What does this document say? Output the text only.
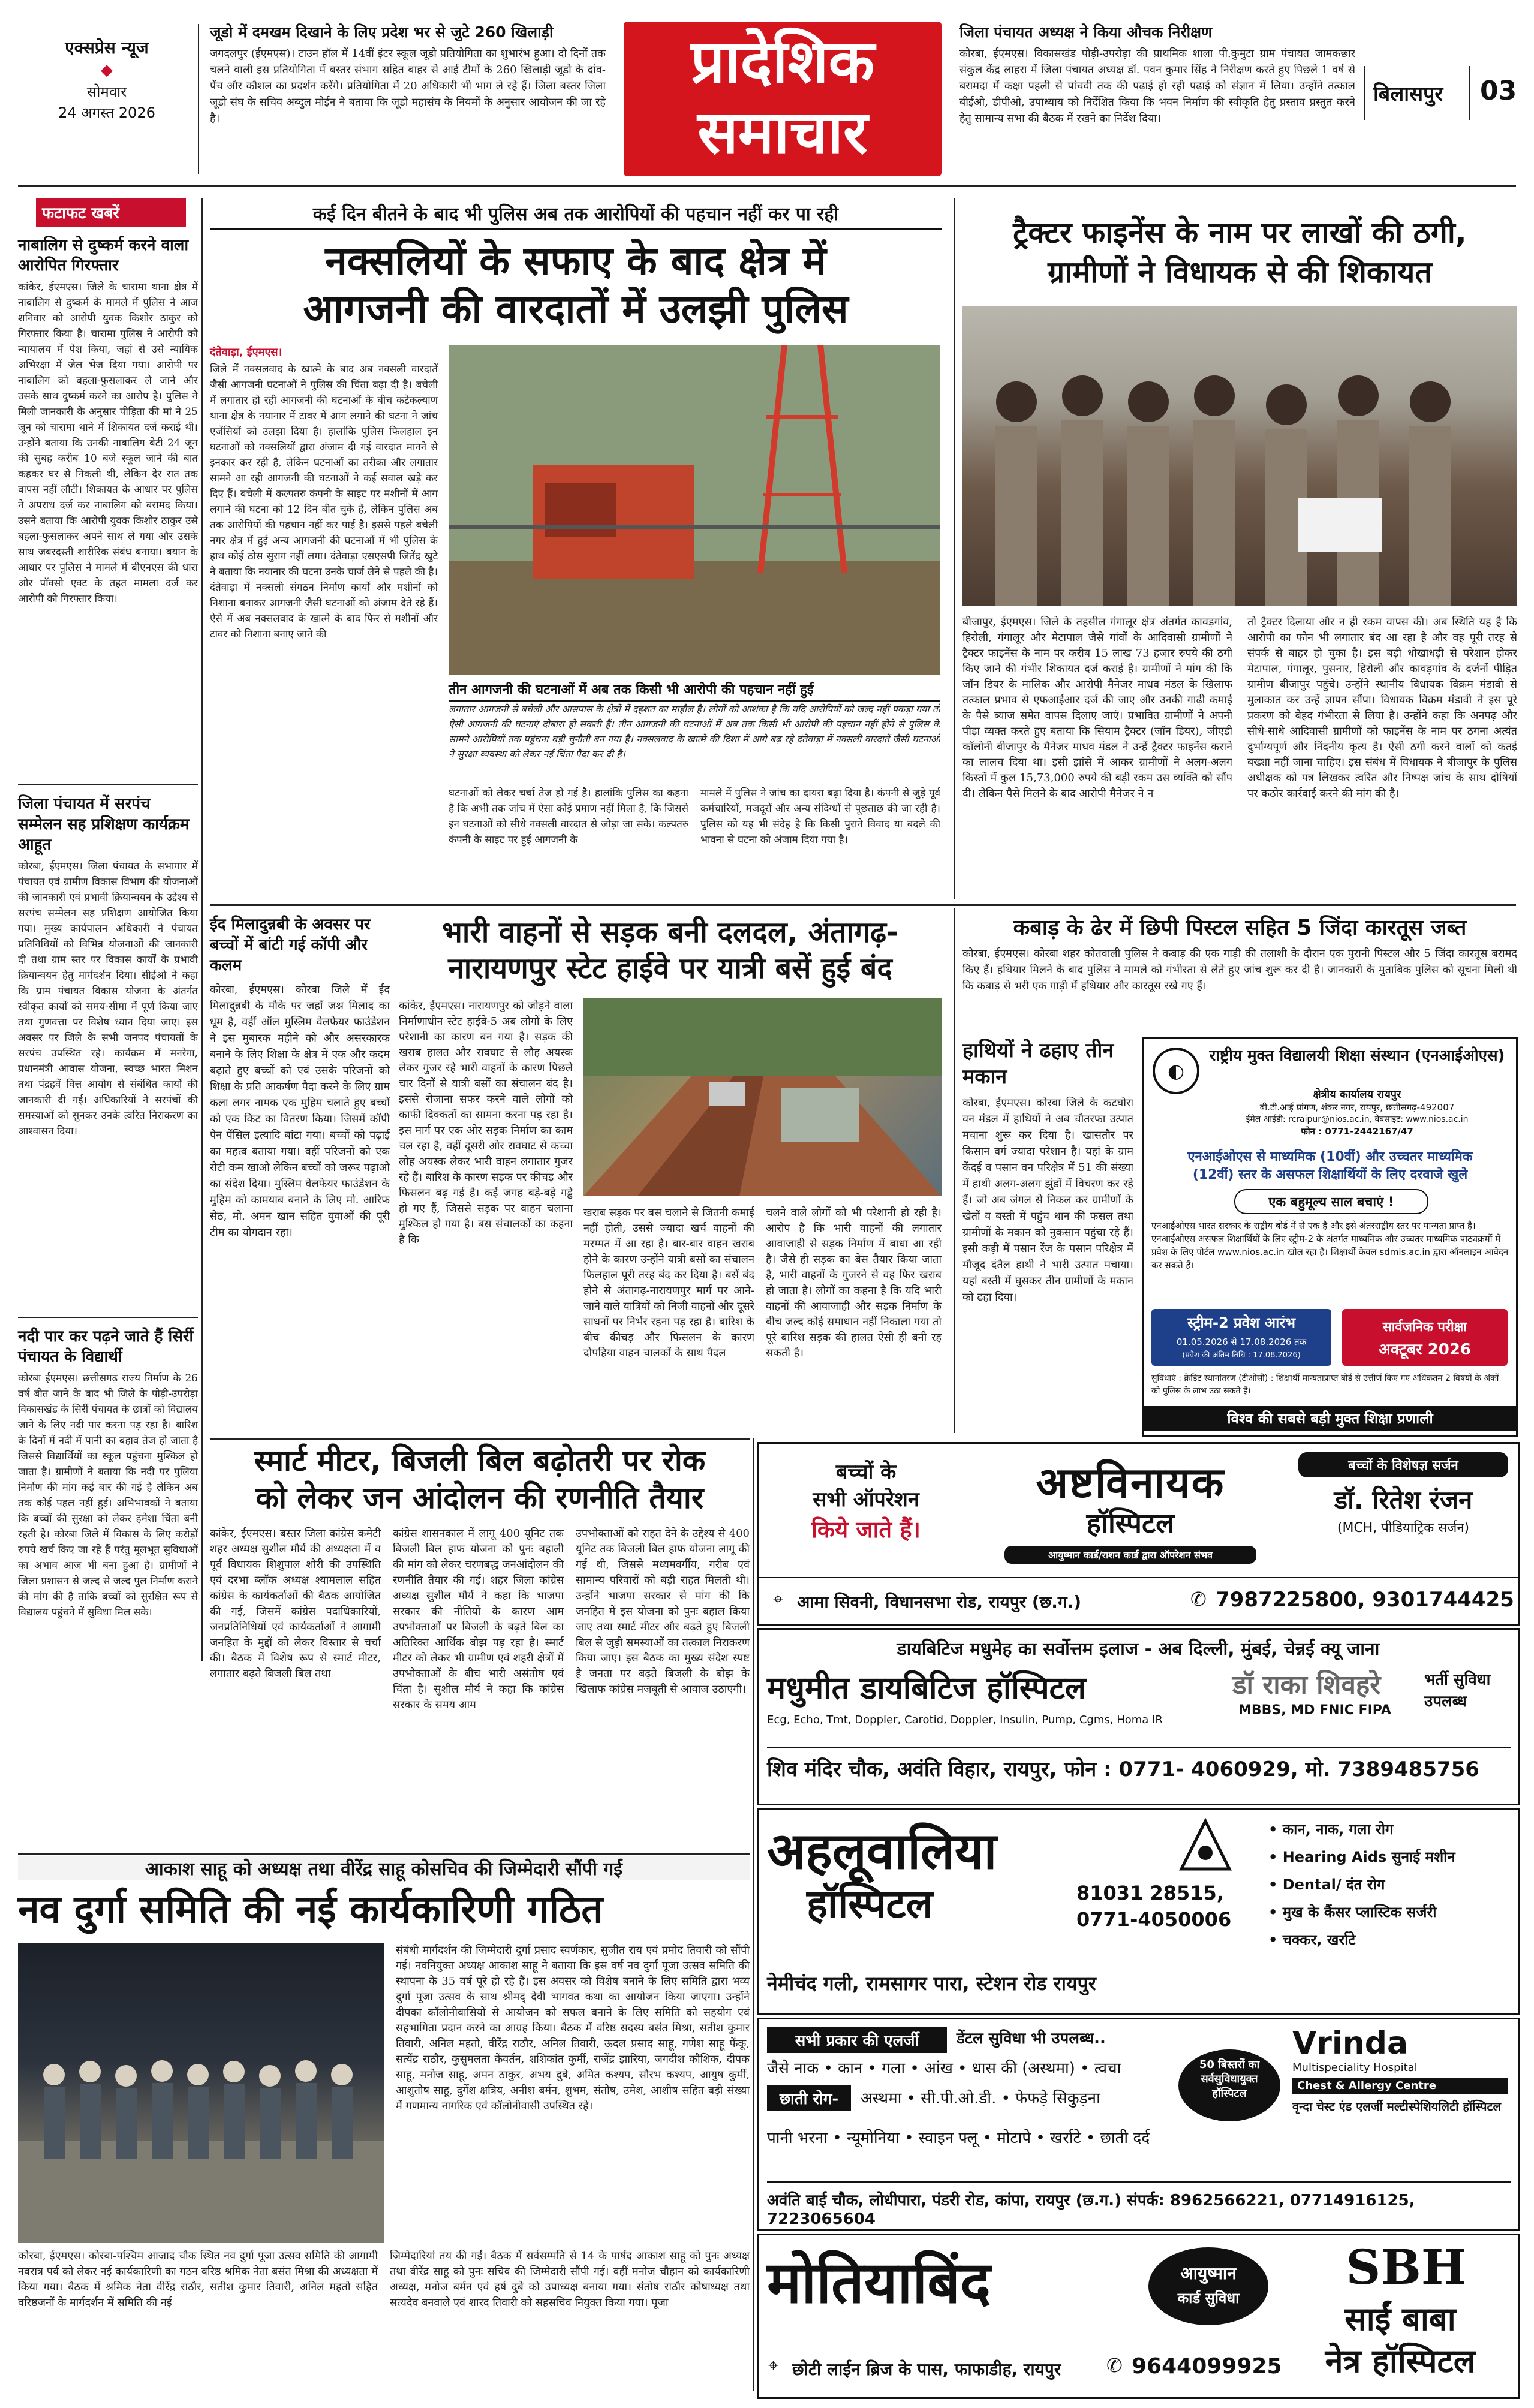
एक्सप्रेस न्यूज
◆
सोमवार
24 अगस्त 2026
जूडो में दमखम दिखाने के लिए प्रदेश भर से जुटे 260 खिलाड़ी
जगदलपुर (ईएमएस)। टाउन हॉल में 14वीं इंटर स्कूल जूडो प्रतियोगिता का शुभारंभ हुआ। दो दिनों तक चलने वाली इस प्रतियोगिता में बस्तर संभाग सहित बाहर से आई टीमों के 260 खिलाड़ी जूडो के दांव-पेंच और कौशल का प्रदर्शन करेंगे। प्रतियोगिता में 20 अधिकारी भी भाग ले रहे हैं। जिला बस्तर जिला जूडो संघ के सचिव अब्दुल मोईन ने बताया कि जूडो महासंघ के नियमों के अनुसार आयोजन की जा रहे है।
प्रादेशिक
समाचार
जिला पंचायत अध्यक्ष ने किया औचक निरीक्षण
कोरबा, ईएमएस। विकासखंड पोड़ी-उपरोड़ा की प्राथमिक शाला पी.कुमुटा ग्राम पंचायत जामकछार संकुल केंद्र लाहरा में जिला पंचायत अध्यक्ष डॉ. पवन कुमार सिंह ने निरीक्षण करते हुए पिछले 1 वर्ष से बरामदा में कक्षा पहली से पांचवी तक की पढ़ाई हो रही पढ़ाई को संज्ञान में लिया। उन्होंने तत्काल बीईओ, डीपीओ, उपाध्याय को निर्देशित किया कि भवन निर्माण की स्वीकृति हेतु प्रस्ताव प्रस्तुत करने हेतु सामान्य सभा की बैठक में रखने का निर्देश दिया।
बिलासपुर 03
फटाफट खबरें
नाबालिग से दुष्कर्म करने वाला आरोपित गिरफ्तार
कांकेर, ईएमएस। जिले के चारामा थाना क्षेत्र में नाबालिग से दुष्कर्म के मामले में पुलिस ने आज शनिवार को आरोपी युवक किशोर ठाकुर को गिरफ्तार किया है। चारामा पुलिस ने आरोपी को न्यायालय में पेश किया, जहां से उसे न्यायिक अभिरक्षा में जेल भेज दिया गया। आरोपी पर नाबालिग को बहला-फुसलाकर ले जाने और उसके साथ दुष्कर्म करने का आरोप है। पुलिस ने मिली जानकारी के अनुसार पीड़िता की मां ने 25 जून को चारामा थाने में शिकायत दर्ज कराई थी। उन्होंने बताया कि उनकी नाबालिग बेटी 24 जून की सुबह करीब 10 बजे स्कूल जाने की बात कहकर घर से निकली थी, लेकिन देर रात तक वापस नहीं लौटी। शिकायत के आधार पर पुलिस ने अपराध दर्ज कर नाबालिग को बरामद किया। उसने बताया कि आरोपी युवक किशोर ठाकुर उसे बहला-फुसलाकर अपने साथ ले गया और उसके साथ जबरदस्ती शारीरिक संबंध बनाया। बयान के आधार पर पुलिस ने मामले में बीएनएस की धारा और पॉक्सो एक्ट के तहत मामला दर्ज कर आरोपी को गिरफ्तार किया।
जिला पंचायत में सरपंच सम्मेलन सह प्रशिक्षण कार्यक्रम आहूत
कोरबा, ईएमएस। जिला पंचायत के सभागार में पंचायत एवं ग्रामीण विकास विभाग की योजनाओं की जानकारी एवं प्रभावी क्रियान्वयन के उद्देश्य से सरपंच सम्मेलन सह प्रशिक्षण आयोजित किया गया। मुख्य कार्यपालन अधिकारी ने पंचायत प्रतिनिधियों को विभिन्न योजनाओं की जानकारी दी तथा ग्राम स्तर पर विकास कार्यों के प्रभावी क्रियान्वयन हेतु मार्गदर्शन दिया। सीईओ ने कहा कि ग्राम पंचायत विकास योजना के अंतर्गत स्वीकृत कार्यों को समय-सीमा में पूर्ण किया जाए तथा गुणवत्ता पर विशेष ध्यान दिया जाए। इस अवसर पर जिले के सभी जनपद पंचायतों के सरपंच उपस्थित रहे। कार्यक्रम में मनरेगा, प्रधानमंत्री आवास योजना, स्वच्छ भारत मिशन तथा पंद्रहवें वित्त आयोग से संबंधित कार्यों की जानकारी दी गई। अधिकारियों ने सरपंचों की समस्याओं को सुनकर उनके त्वरित निराकरण का आश्वासन दिया।
नदी पार कर पढ़ने जाते हैं सिर्री पंचायत के विद्यार्थी
कोरबा ईएमएस। छत्तीसगढ़ राज्य निर्माण के 26 वर्ष बीत जाने के बाद भी जिले के पोड़ी-उपरोड़ा विकासखंड के सिर्री पंचायत के छात्रों को विद्यालय जाने के लिए नदी पार करना पड़ रहा है। बारिश के दिनों में नदी में पानी का बहाव तेज हो जाता है जिससे विद्यार्थियों का स्कूल पहुंचना मुश्किल हो जाता है। ग्रामीणों ने बताया कि नदी पर पुलिया निर्माण की मांग कई बार की गई है लेकिन अब तक कोई पहल नहीं हुई। अभिभावकों ने बताया कि बच्चों की सुरक्षा को लेकर हमेशा चिंता बनी रहती है। कोरबा जिले में विकास के लिए करोड़ों रुपये खर्च किए जा रहे हैं परंतु मूलभूत सुविधाओं का अभाव आज भी बना हुआ है। ग्रामीणों ने जिला प्रशासन से जल्द से जल्द पुल निर्माण कराने की मांग की है ताकि बच्चों को सुरक्षित रूप से विद्यालय पहुंचने में सुविधा मिल सके।
कई दिन बीतने के बाद भी पुलिस अब तक आरोपियों की पहचान नहीं कर पा रही
नक्सलियों के सफाए के बाद क्षेत्र में
आगजनी की वारदातों में उलझी पुलिस
दंतेवाड़ा, ईएमएस।
जिले में नक्सलवाद के खात्मे के बाद अब नक्सली वारदातें जैसी आगजनी घटनाओं ने पुलिस की चिंता बढ़ा दी है। बचेली में लगातार हो रही आगजनी की घटनाओं के बीच कटेकल्याण थाना क्षेत्र के नयानार में टावर में आग लगाने की घटना ने जांच एजेंसियों को उलझा दिया है। हालांकि पुलिस फिलहाल इन घटनाओं को नक्सलियों द्वारा अंजाम दी गई वारदात मानने से इनकार कर रही है, लेकिन घटनाओं का तरीका और लगातार सामने आ रही आगजनी की घटनाओं ने कई सवाल खड़े कर दिए हैं। बचेली में कल्पतरु कंपनी के साइट पर मशीनों में आग लगाने की घटना को 12 दिन बीत चुके हैं, लेकिन पुलिस अब तक आरोपियों की पहचान नहीं कर पाई है। इससे पहले बचेली नगर क्षेत्र में हुई अन्य आगजनी की घटनाओं में भी पुलिस के हाथ कोई ठोस सुराग नहीं लगा। दंतेवाड़ा एसएसपी जितेंद्र खुटे ने बताया कि नयानार की घटना उनके चार्ज लेने से पहले की है। दंतेवाड़ा में नक्सली संगठन निर्माण कार्यों और मशीनों को निशाना बनाकर आगजनी जैसी घटनाओं को अंजाम देते रहे हैं। ऐसे में अब नक्सलवाद के खात्मे के बाद फिर से मशीनों और टावर को निशाना बनाए जाने की
तीन आगजनी की घटनाओं में अब तक किसी भी आरोपी की पहचान नहीं हुई
लगातार आगजनी से बचेली और आसपास के क्षेत्रों में दहशत का माहौल है। लोगों को आशंका है कि यदि आरोपियों को जल्द नहीं पकड़ा गया तो ऐसी आगजनी की घटनाएं दोबारा हो सकती हैं। तीन आगजनी की घटनाओं में अब तक किसी भी आरोपी की पहचान नहीं होने से पुलिस के सामने आरोपियों तक पहुंचना बड़ी चुनौती बन गया है। नक्सलवाद के खात्मे की दिशा में आगे बढ़ रहे दंतेवाड़ा में नक्सली वारदातें जैसी घटनाओं ने सुरक्षा व्यवस्था को लेकर नई चिंता पैदा कर दी है।
घटनाओं को लेकर चर्चा तेज हो गई है। हालांकि पुलिस का कहना है कि अभी तक जांच में ऐसा कोई प्रमाण नहीं मिला है, कि जिससे इन घटनाओं को सीधे नक्सली वारदात से जोड़ा जा सके। कल्पतरु कंपनी के साइट पर हुई आगजनी के
मामले में पुलिस ने जांच का दायरा बढ़ा दिया है। कंपनी से जुड़े पूर्व कर्मचारियों, मजदूरों और अन्य संदिग्धों से पूछताछ की जा रही है। पुलिस को यह भी संदेह है कि किसी पुराने विवाद या बदले की भावना से घटना को अंजाम दिया गया है।
ट्रैक्टर फाइनेंस के नाम पर लाखों की ठगी,
ग्रामीणों ने विधायक से की शिकायत
बीजापुर, ईएमएस। जिले के तहसील गंगालूर क्षेत्र अंतर्गत कावड़गांव, हिरोली, गंगालूर और मेटापाल जैसे गांवों के आदिवासी ग्रामीणों ने ट्रैक्टर फाइनेंस के नाम पर करीब 15 लाख 73 हजार रुपये की ठगी किए जाने की गंभीर शिकायत दर्ज कराई है। ग्रामीणों ने मांग की कि जॉन डियर के मालिक और आरोपी मैनेजर माधव मंडल के खिलाफ तत्काल प्रभाव से एफआईआर दर्ज की जाए और उनकी गाढ़ी कमाई के पैसे ब्याज समेत वापस दिलाए जाएं। प्रभावित ग्रामीणों ने अपनी पीड़ा व्यक्त करते हुए बताया कि सियाम ट्रैक्टर (जॉन डियर), जीएडी कॉलोनी बीजापुर के मैनेजर माधव मंडल ने उन्हें ट्रैक्टर फाइनेंस कराने का लालच दिया था। इसी झांसे में आकर ग्रामीणों ने अलग-अलग किस्तों में कुल 15,73,000 रुपये की बड़ी रकम उस व्यक्ति को सौंप दी। लेकिन पैसे मिलने के बाद आरोपी मैनेजर ने न
तो ट्रैक्टर दिलाया और न ही रकम वापस की। अब स्थिति यह है कि आरोपी का फोन भी लगातार बंद आ रहा है और वह पूरी तरह से संपर्क से बाहर हो चुका है। इस बड़ी धोखाधड़ी से परेशान होकर मेटापाल, गंगालूर, पुसनार, हिरोली और कावड़गांव के दर्जनों पीड़ित ग्रामीण बीजापुर पहुंचे। उन्होंने स्थानीय विधायक विक्रम मंडावी से मुलाकात कर उन्हें ज्ञापन सौंपा। विधायक विक्रम मंडावी ने इस पूरे प्रकरण को बेहद गंभीरता से लिया है। उन्होंने कहा कि अनपढ़ और सीधे-साधे आदिवासी ग्रामीणों को फाइनेंस के नाम पर ठगना अत्यंत दुर्भाग्यपूर्ण और निंदनीय कृत्य है। ऐसी ठगी करने वालों को कतई बख्शा नहीं जाना चाहिए। इस संबंध में विधायक ने बीजापुर के पुलिस अधीक्षक को पत्र लिखकर त्वरित और निष्पक्ष जांच के साथ दोषियों पर कठोर कार्रवाई करने की मांग की है।
ईद मिलादुन्नबी के अवसर पर बच्चों में बांटी गई कॉपी और कलम
कोरबा, ईएमएस। कोरबा जिले में ईद मिलादुन्नबी के मौके पर जहाँ जश्न मिलाद का धूम है, वहीं ऑल मुस्लिम वेलफेयर फाउंडेशन ने इस मुबारक महीने को और असरकारक बनाने के लिए शिक्षा के क्षेत्र में एक और कदम बढ़ाते हुए बच्चों को एवं उसके परिजनों को शिक्षा के प्रति आकर्षण पैदा करने के लिए ग्राम कला लगर नामक एक मुहिम चलाते हुए बच्चों को एक किट का वितरण किया। जिसमें कॉपी पेन पेंसिल इत्यादि बांटा गया। बच्चों को पढ़ाई का महत्व बताया गया। वहीं परिजनों को एक रोटी कम खाओ लेकिन बच्चों को जरूर पढ़ाओ का संदेश दिया। मुस्लिम वेलफेयर फाउंडेशन के मुहिम को कामयाब बनाने के लिए मो. आरिफ सेठ, मो. अमन खान सहित युवाओं की पूरी टीम का योगदान रहा।
भारी वाहनों से सड़क बनी दलदल, अंतागढ़-
नारायणपुर स्टेट हाईवे पर यात्री बसें हुई बंद
कांकेर, ईएमएस। नारायणपुर को जोड़ने वाला निर्माणाधीन स्टेट हाईवे-5 अब लोगों के लिए परेशानी का कारण बन गया है। सड़क की खराब हालत और रावघाट से लौह अयस्क लेकर गुजर रहे भारी वाहनों के कारण पिछले चार दिनों से यात्री बसों का संचालन बंद है। इससे रोजाना सफर करने वाले लोगों को काफी दिक्कतों का सामना करना पड़ रहा है। इस मार्ग पर एक ओर सड़क निर्माण का काम चल रहा है, वहीं दूसरी ओर रावघाट से कच्चा लोह अयस्क लेकर भारी वाहन लगातार गुजर रहे हैं। बारिश के कारण सड़क पर कीचड़ और फिसलन बढ़ गई है। कई जगह बड़े-बड़े गड्ढे हो गए हैं, जिससे सड़क पर वाहन चलाना मुश्किल हो गया है। बस संचालकों का कहना है कि
खराब सड़क पर बस चलाने से जितनी कमाई नहीं होती, उससे ज्यादा खर्च वाहनों की मरम्मत में आ रहा है। बार-बार वाहन खराब होने के कारण उन्होंने यात्री बसों का संचालन फिलहाल पूरी तरह बंद कर दिया है। बसें बंद होने से अंतागढ़-नारायणपुर मार्ग पर आने-जाने वाले यात्रियों को निजी वाहनों और दूसरे साधनों पर निर्भर रहना पड़ रहा है। बारिश के बीच कीचड़ और फिसलन के कारण दोपहिया वाहन चालकों के साथ पैदल
चलने वाले लोगों को भी परेशानी हो रही है। आरोप है कि भारी वाहनों की लगातार आवाजाही से सड़क निर्माण में बाधा आ रही है। जैसे ही सड़क का बेस तैयार किया जाता है, भारी वाहनों के गुजरने से वह फिर खराब हो जाता है। लोगों का कहना है कि यदि भारी वाहनों की आवाजाही और सड़क निर्माण के बीच जल्द कोई समाधान नहीं निकाला गया तो पूरे बारिश सड़क की हालत ऐसी ही बनी रह सकती है।
कबाड़ के ढेर में छिपी पिस्टल सहित 5 जिंदा कारतूस जब्त
कोरबा, ईएमएस। कोरबा शहर कोतवाली पुलिस ने कबाड़ की एक गाड़ी की तलाशी के दौरान एक पुरानी पिस्टल और 5 जिंदा कारतूस बरामद किए हैं। हथियार मिलने के बाद पुलिस ने मामले को गंभीरता से लेते हुए जांच शुरू कर दी है। जानकारी के मुताबिक पुलिस को सूचना मिली थी कि कबाड़ से भरी एक गाड़ी में हथियार और कारतूस रखे गए हैं।
हाथियों ने ढहाए तीन मकान
कोरबा, ईएमएस। कोरबा जिले के कटघोरा वन मंडल में हाथियों ने अब चौतरफा उत्पात मचाना शुरू कर दिया है। खासतौर पर किसान वर्ग ज्यादा परेशान है। यहां के ग्राम केंदई व पसान वन परिक्षेत्र में 51 की संख्या में हाथी अलग-अलग झुंडों में विचरण कर रहे हैं। जो अब जंगल से निकल कर ग्रामीणों के खेतों व बस्ती में पहुंच धान की फसल तथा ग्रामीणों के मकान को नुकसान पहुंचा रहे हैं। इसी कड़ी में पसान रेंज के पसान परिक्षेत्र में मौजूद दंतैल हाथी ने भारी उत्पात मचाया। यहां बस्ती में घुसकर तीन ग्रामीणों के मकान को ढहा दिया।
◐
राष्ट्रीय मुक्त विद्यालयी शिक्षा संस्थान (एनआईओएस)
क्षेत्रीय कार्यालय रायपुर
बी.टी.आई प्रांगण, शंकर नगर, रायपुर, छत्तीसगढ़-492007
ईमेल आईडी: rcraipur@nios.ac.in, वेबसाइट: www.nios.ac.in
फोन : 0771-2442167/47
एनआईओएस से माध्यमिक (10वीं) और उच्चतर माध्यमिक
(12वीं) स्तर के असफल शिक्षार्थियों के लिए दरवाजे खुले
एक बहुमूल्य साल बचाएं !
एनआईओएस भारत सरकार के राष्ट्रीय बोर्ड में से एक है और इसे अंतरराष्ट्रीय स्तर पर मान्यता प्राप्त है। एनआईओएस असफल शिक्षार्थियों के लिए स्ट्रीम-2 के अंतर्गत माध्यमिक और उच्चतर माध्यमिक पाठ्यक्रमों में प्रवेश के लिए पोर्टल www.nios.ac.in खोल रहा है। शिक्षार्थी केवल sdmis.ac.in द्वारा ऑनलाइन आवेदन कर सकते हैं।
स्ट्रीम-2 प्रवेश आरंभ
01.05.2026 से 17.08.2026 तक
(प्रवेश की अंतिम तिथि : 17.08.2026)
सार्वजनिक परीक्षा
अक्टूबर 2026
सुविधाएं : क्रेडिट स्थानांतरण (टीओसी) : शिक्षार्थी मान्यताप्राप्त बोर्ड से उत्तीर्ण किए गए अधिकतम 2 विषयों के अंकों को पुलिस के लाभ उठा सकते हैं।
विश्व की सबसे बड़ी मुक्त शिक्षा प्रणाली
स्मार्ट मीटर, बिजली बिल बढ़ोतरी पर रोक
को लेकर जन आंदोलन की रणनीति तैयार
कांकेर, ईएमएस। बस्तर जिला कांग्रेस कमेटी शहर अध्यक्ष सुशील मौर्य की अध्यक्षता में व पूर्व विधायक शिशुपाल शोरी की उपस्थिति एवं दरभा ब्लॉक अध्यक्ष श्यामलाल सहित कांग्रेस के कार्यकर्ताओं की बैठक आयोजित की गई, जिसमें कांग्रेस पदाधिकारियों, जनप्रतिनिधियों एवं कार्यकर्ताओं ने आगामी जनहित के मुद्दों को लेकर विस्तार से चर्चा की। बैठक में विशेष रूप से स्मार्ट मीटर, लगातार बढ़ते बिजली बिल तथा
कांग्रेस शासनकाल में लागू 400 यूनिट तक बिजली बिल हाफ योजना को पुनः बहाली की मांग को लेकर चरणबद्ध जनआंदोलन की रणनीति तैयार की गई। शहर जिला कांग्रेस अध्यक्ष सुशील मौर्य ने कहा कि भाजपा सरकार की नीतियों के कारण आम उपभोक्ताओं पर बिजली के बढ़ते बिल का अतिरिक्त आर्थिक बोझ पड़ रहा है। स्मार्ट मीटर को लेकर भी ग्रामीण एवं शहरी क्षेत्रों में उपभोक्ताओं के बीच भारी असंतोष एवं चिंता है। सुशील मौर्य ने कहा कि कांग्रेस सरकार के समय आम
उपभोक्ताओं को राहत देने के उद्देश्य से 400 यूनिट तक बिजली बिल हाफ योजना लागू की गई थी, जिससे मध्यमवर्गीय, गरीब एवं सामान्य परिवारों को बड़ी राहत मिलती थी। उन्होंने भाजपा सरकार से मांग की कि जनहित में इस योजना को पुनः बहाल किया जाए तथा स्मार्ट मीटर और बढ़ते हुए बिजली बिल से जुड़ी समस्याओं का तत्काल निराकरण किया जाए। इस बैठक का मुख्य संदेश स्पष्ट है जनता पर बढ़ते बिजली के बोझ के खिलाफ कांग्रेस मजबूती से आवाज उठाएगी।
आकाश साहू को अध्यक्ष तथा वीरेंद्र साहू कोसचिव की जिम्मेदारी सौंपी गई
नव दुर्गा समिति की नई कार्यकारिणी गठित
संबंधी मार्गदर्शन की जिम्मेदारी दुर्गा प्रसाद स्वर्णकार, सुजीत राय एवं प्रमोद तिवारी को सौंपी गई। नवनियुक्त अध्यक्ष आकाश साहू ने बताया कि इस वर्ष नव दुर्गा पूजा उत्सव समिति की स्थापना के 35 वर्ष पूरे हो रहे हैं। इस अवसर को विशेष बनाने के लिए समिति द्वारा भव्य दुर्गा पूजा उत्सव के साथ श्रीमद् देवी भागवत कथा का आयोजन किया जाएगा। उन्होंने दीपका कॉलोनीवासियों से आयोजन को सफल बनाने के लिए समिति को सहयोग एवं सहभागिता प्रदान करने का आग्रह किया। बैठक में वरिष्ठ सदस्य बसंत मिश्रा, सतीश कुमार तिवारी, अनिल महतो, वीरेंद्र राठौर, अनिल तिवारी, ऊदल प्रसाद साहू, गणेश साहू फेंकू, सत्येंद्र राठौर, कुसुमलता केंवर्तन, शशिकांत कुर्मी, राजेंद्र झारिया, जगदीश कौशिक, दीपक साहू, मनोज साहू, अमन ठाकुर, अभय दुबे, अमित कश्यप, सौरभ कश्यप, आयुष कुर्मी, आशुतोष साहू, दुर्गेश क्षत्रिय, अनीश बर्मन, शुभम, संतोष, उमेश, आशीष सहित बड़ी संख्या में गणमान्य नागरिक एवं कॉलोनीवासी उपस्थित रहे।
कोरबा, ईएमएस। कोरबा-पश्चिम आजाद चौक स्थित नव दुर्गा पूजा उत्सव समिति की आगामी नवरात्र पर्व को लेकर नई कार्यकारिणी का गठन वरिष्ठ श्रमिक नेता बसंत मिश्रा की अध्यक्षता में किया गया। बैठक में श्रमिक नेता वीरेंद्र राठौर, सतीश कुमार तिवारी, अनिल महतो सहित वरिष्ठजनों के मार्गदर्शन में समिति की नई
जिम्मेदारियां तय की गईं। बैठक में सर्वसम्मति से 14 के पार्षद आकाश साहू को पुनः अध्यक्ष तथा वीरेंद्र साहू को पुनः सचिव की जिम्मेदारी सौंपी गई। वहीं मनोज चौहान को कार्यकारिणी अध्यक्ष, मनोज बर्मन एवं हर्ष दुबे को उपाध्यक्ष बनाया गया। संतोष राठौर कोषाध्यक्ष तथा सत्यदेव बनवाले एवं शारद तिवारी को सहसचिव नियुक्त किया गया। पूजा
बच्चों के
सभी ऑपरेशन
किये जाते हैं।
अष्टविनायक
हॉस्पिटल
आयुष्मान कार्ड/राशन कार्ड द्वारा ऑपरेशन संभव
बच्चों के विशेषज्ञ सर्जन
डॉ. रितेश रंजन
(MCH, पीडियाट्रिक सर्जन)
⌖ आमा सिवनी, विधानसभा रोड, रायपुर (छ.ग.)	✆ 7987225800, 9301744425
डायबिटिज मधुमेह का सर्वोत्तम इलाज - अब दिल्ली, मुंबई, चेन्नई क्यू जाना
मधुमीत डायबिटिज हॉस्पिटल
Ecg, Echo, Tmt, Doppler, Carotid, Doppler, Insulin, Pump, Cgms, Homa IR
डॉ राका शिवहरे
MBBS, MD FNIC FIPA
भर्ती सुविधा उपलब्ध
शिव मंदिर चौक, अवंति विहार, रायपुर, फोन : 0771- 4060929, मो. 7389485756
अहलूवालिया
हॉस्पिटल	81031 28515,
0771-4050006
• कान, नाक, गला रोग
• Hearing Aids सुनाई मशीन
• Dental/ दंत रोग
• मुख के कैंसर प्लास्टिक सर्जरी
• चक्कर, खर्राटे
नेमीचंद गली, रामसागर पारा, स्टेशन रोड रायपुर
सभी प्रकार की एलर्जी	डेंटल सुविधा भी उपलब्ध..
जैसे नाक • कान • गला • आंख • धास की (अस्थमा) • त्वचा
छाती रोग-	अस्थमा • सी.पी.ओ.डी. • फेफड़े सिकुड़ना
पानी भरना • न्यूमोनिया • स्वाइन फ्लू • मोटापे • खर्राटे • छाती दर्द
50 बिस्तरों का सर्वसुविधायुक्त हॉस्पिटल
Vrinda
Multispeciality Hospital
Chest & Allergy Centre
वृन्दा चेस्ट एंड एलर्जी मल्टीस्पेशियलिटी हॉस्पिटल
अवंति बाई चौक, लोधीपारा, पंडरी रोड, कांपा, रायपुर (छ.ग.) संपर्क: 8962566221, 07714916125, 7223065604
मोतियाबिंद	आयुष्मान
कार्ड सुविधा
SBH
साईं बाबा
नेत्र हॉस्पिटल
⌖ छोटी लाईन ब्रिज के पास, फाफाडीह, रायपुर ✆ 9644099925
